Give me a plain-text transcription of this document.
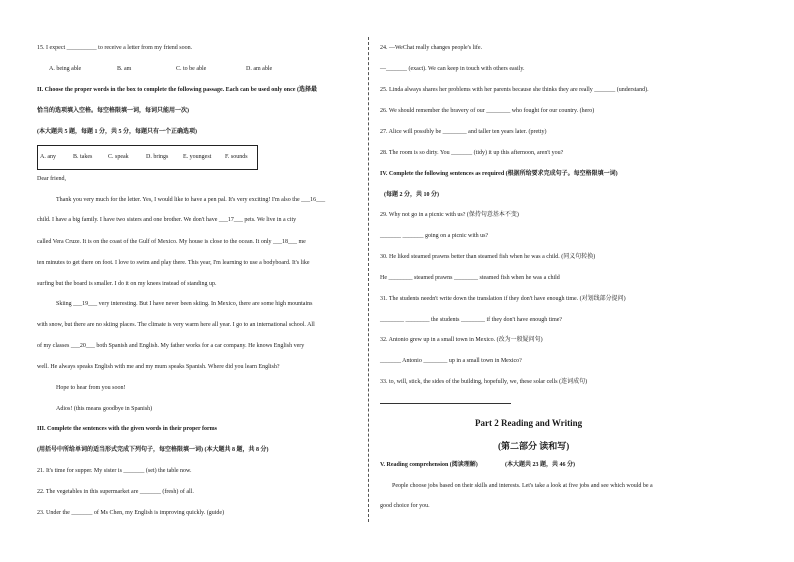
15. I expect __________ to receive a letter from my friend soon.
A. being able	B. am	C. to be able	D. am able
II. Choose the proper words in the box to complete the following passage. Each can be used only once (选择最
恰当的选项填入空格。每空格限填一词，每词只能用一次)
(本大题共 5 题，每题 1 分，共 5 分，每题只有一个正确选项)
A. any	B. takes	C. speak	D. brings E. youngest F. sounds
Dear friend,
Thank you very much for the letter. Yes, I would like to have a pen pal. It's very exciting! I'm also the ___16___
child. I have a big family. I have two sisters and one brother. We don't have ___17___ pets. We live in a city
called Vera Cruze. It is on the coast of the Gulf of Mexico. My house is close to the ocean. It only ___18___ me
ten minutes to get there on foot. I love to swim and play there. This year, I'm learning to use a bodyboard. It's like
surfing but the board is smaller. I do it on my knees instead of standing up.
Skiing ___19___ very interesting. But I have never been skiing. In Mexico, there are some high mountains
with snow, but there are no skiing places. The climate is very warm here all year. I go to an international school. All
of my classes ___20___ both Spanish and English. My father works for a car company. He knows English very
well. He always speaks English with me and my mum speaks Spanish. Where did you learn English?
Hope to hear from you soon!
Adios! (this means goodbye in Spanish)
III. Complete the sentences with the given words in their proper forms
(用括号中所给单词的适当形式完成下列句子，每空格限填一词) (本大题共 8 题，共 8 分)
21. It's time for supper. My sister is _______ (set) the table now.
22. The vegetables in this supermarket are _______ (fresh) of all.
23. Under the _______ of Ms Chen, my English is improving quickly. (guide)
24. —WeChat really changes people's life.
—_______ (exact). We can keep in touch with others easily.
25. Linda always shares her problems with her parents because she thinks they are really _______ (understand).
26. We should remember the bravery of our ________ who fought for our country. (hero)
27. Alice will possibly be ________ and taller ten years later. (pretty)
28. The room is so dirty. You _______ (tidy) it up this afternoon, aren't you?
IV. Complete the following sentences as required (根据所给要求完成句子。每空格限填一词)
(每题 2 分，共 10 分)
29. Why not go in a picnic with us? (保持句意基本不变)
_______ _______ going on a picnic with us?
30. He liked steamed prawns better than steamed fish when he was a child. (同义句转换)
He ________ steamed prawns ________ steamed fish when he was a child
31. The students needn't write down the translation if they don't have enough time. (对划线部分提问)
________ ________ the students ________ if they don't have enough time?
32. Antonio grew up in a small town in Mexico. (改为一般疑问句)
_______ Antonio ________ up in a small town in Mexico?
33. to, will, stick, the sides of the building, hopefully, we, these solar cells (连词成句)
Part 2 Reading and Writing
(第二部分 读和写)
V. Reading comprehension (阅读理解)	(本大题共 23 题，共 46 分)
People choose jobs based on their skills and interests. Let's take a look at five jobs and see which would be a
good choice for you.
